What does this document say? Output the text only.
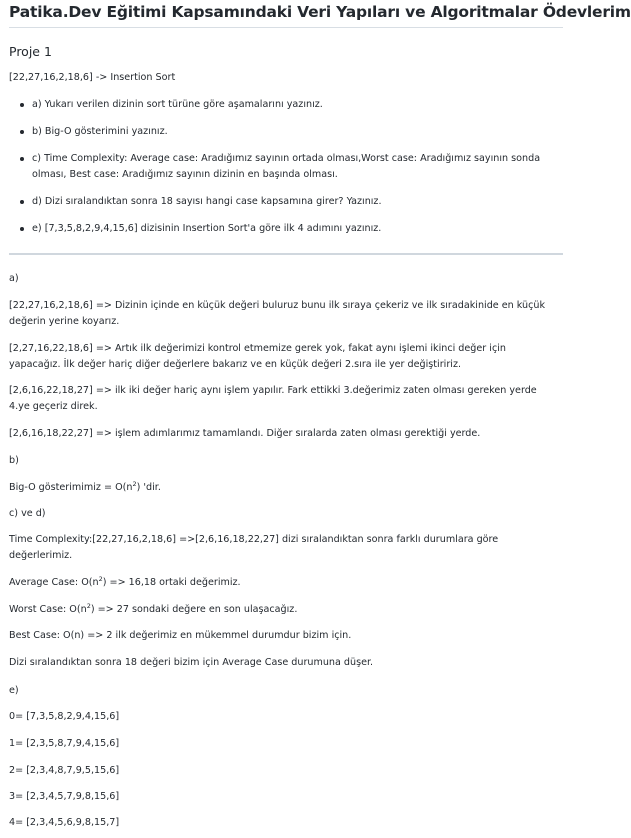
Patika.Dev Eğitimi Kapsamındaki Veri Yapıları ve Algoritmalar Ödevlerim
Proje 1
[22,27,16,2,18,6] -> Insertion Sort
a) Yukarı verilen dizinin sort türüne göre aşamalarını yazınız.
b) Big-O gösterimini yazınız.
c) Time Complexity: Average case: Aradığımız sayının ortada olması,Worst case: Aradığımız sayının sonda olması, Best case: Aradığımız sayının dizinin en başında olması.
d) Dizi sıralandıktan sonra 18 sayısı hangi case kapsamına girer? Yazınız.
e) [7,3,5,8,2,9,4,15,6] dizisinin Insertion Sort'a göre ilk 4 adımını yazınız.
a)
[22,27,16,2,18,6] => Dizinin içinde en küçük değeri buluruz bunu ilk sıraya çekeriz ve ilk sıradakinide en küçük değerin yerine koyarız.
[2,27,16,22,18,6] => Artık ilk değerimizi kontrol etmemize gerek yok, fakat aynı işlemi ikinci değer için yapacağız. İlk değer hariç diğer değerlere bakarız ve en küçük değeri 2.sıra ile yer değiştiririz.
[2,6,16,22,18,27] => ilk iki değer hariç aynı işlem yapılır. Fark ettikki 3.değerimiz zaten olması gereken yerde 4.ye geçeriz direk.
[2,6,16,18,22,27] => işlem adımlarımız tamamlandı. Diğer sıralarda zaten olması gerektiği yerde.
b)
Big-O gösterimimiz = $O(n^2)$ 'dir.
c) ve d)
Time Complexity:[22,27,16,2,18,6] =>[2,6,16,18,22,27] dizi sıralandıktan sonra farklı durumlara göre değerlerimiz.
Average Case: $O(n^2) => 16,18$ ortaki değerimiz.
Worst Case: $O(n^2) => 27$ sondaki değere en son ulaşacağız.
Best Case: O(n) => 2 ilk değerimiz en mükemmel durumdur bizim için.
Dizi sıralandıktan sonra 18 değeri bizim için Average Case durumuna düşer.
e)
0= [7,3,5,8,2,9,4,15,6]
1= [2,3,5,8,7,9,4,15,6]
2= [2,3,4,8,7,9,5,15,6]
3= [2,3,4,5,7,9,8,15,6]
4= [2,3,4,5,6,9,8,15,7]
